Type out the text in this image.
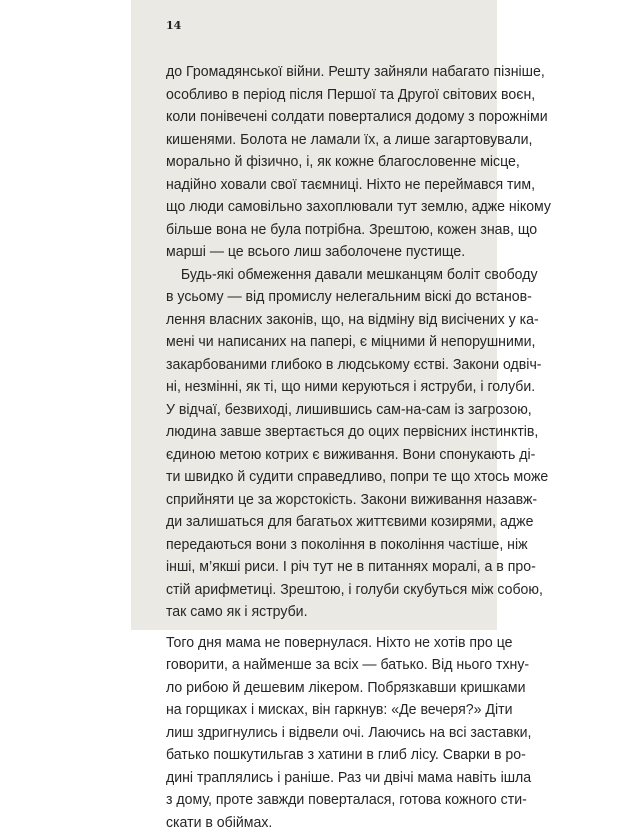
14
до Громадянської війни. Решту зайняли набагато пізніше,
особливо в період після Першої та Другої світових воєн,
коли понівечені солдати поверталися додому з порожніми
кишенями. Болота не ламали їх, а лише загартовували,
морально й фізично, і, як кожне благословенне місце,
надійно ховали свої таємниці. Ніхто не переймався тим,
що люди самовільно захоплювали тут землю, адже нікому
більше вона не була потрібна. Зрештою, кожен знав, що
марші — це всього лиш заболочене пустище.
Будь-які обмеження давали мешканцям боліт свободу
в усьому — від промислу нелегальним віскі до встанов-
лення власних законів, що, на відміну від висічених у ка-
мені чи написаних на папері, є міцними й непорушними,
закарбованими глибоко в людському єстві. Закони одвіч-
ні, незмінні, як ті, що ними керуються і яструби, і голуби.
У відчаї, безвиході, лишившись сам-на-сам із загрозою,
людина завше звертається до оцих первісних інстинктів,
єдиною метою котрих є виживання. Вони спонукають ді-
ти швидко й судити справедливо, попри те що хтось може
сприйняти це за жорстокість. Закони виживання назавж-
ди залишаться для багатьох життєвими козирями, адже
передаються вони з покоління в покоління частіше, ніж
інші, м’якші риси. І річ тут не в питаннях моралі, а в про-
стій арифметиці. Зрештою, і голуби скубуться між собою,
так само як і яструби.
Того дня мама не повернулася. Ніхто не хотів про це
говорити, а найменше за всіх — батько. Від нього тхну-
ло рибою й дешевим лікером. Побрязкавши кришками
на горщиках і мисках, він гаркнув: «Де вечеря?» Діти
лиш здригнулись і відвели очі. Лаючись на всі заставки,
батько пошкутильгав з хатини в глиб лісу. Сварки в ро-
дині траплялись і раніше. Раз чи двічі мама навіть ішла
з дому, проте завжди поверталася, готова кожного сти-
скати в обіймах.
